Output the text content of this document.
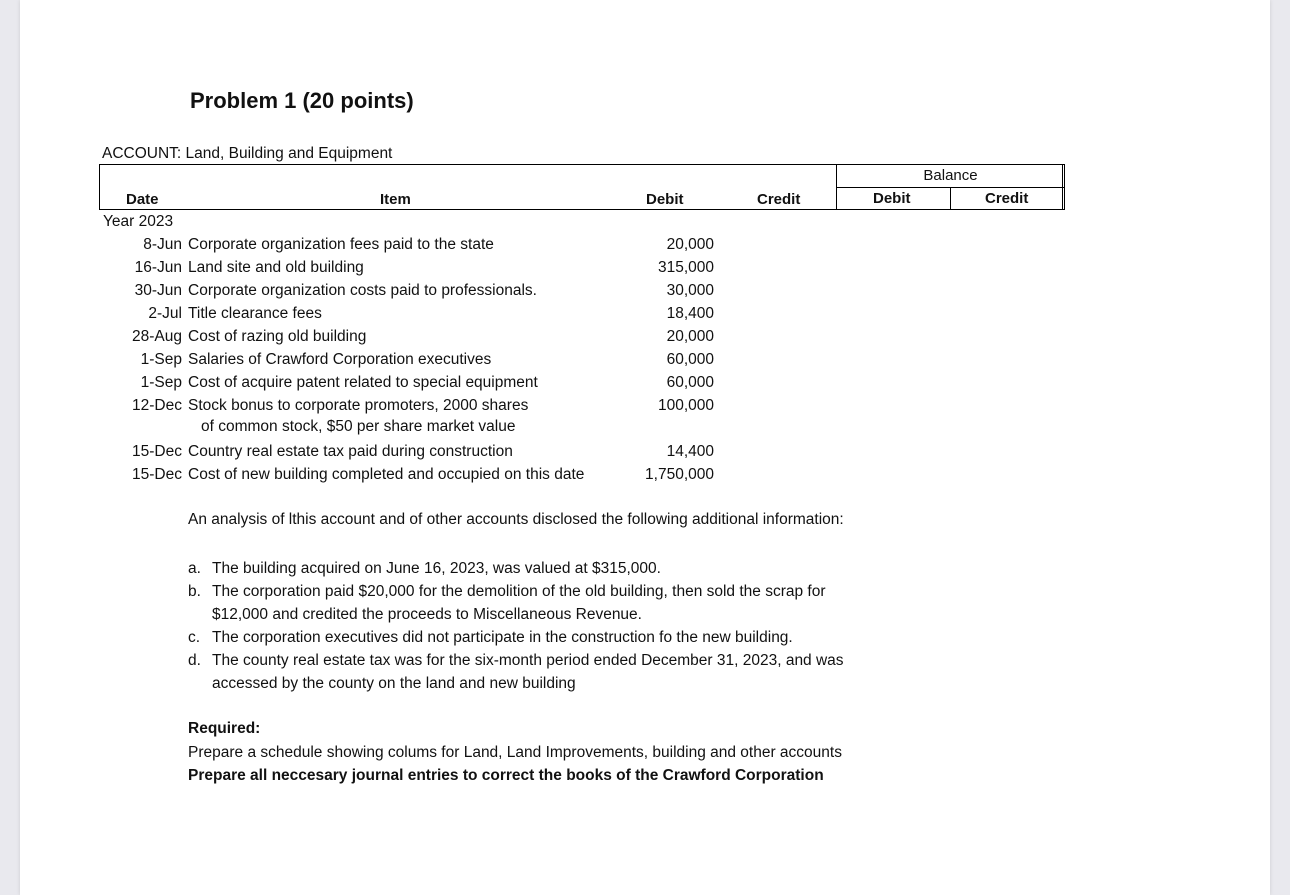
Problem 1 (20 points)
ACCOUNT: Land, Building and Equipment
Date	Item	Debit	Credit
Balance
Debit	Credit
Year 2023
8-Jun Corporate organization fees paid to the state	20,000
16-Jun Land site and old building	315,000
30-Jun Corporate organization costs paid to professionals.	30,000
2-Jul Title clearance fees	18,400
28-Aug Cost of razing old building	20,000
1-Sep Salaries of Crawford Corporation executives	60,000
1-Sep Cost of acquire patent related to special equipment	60,000
12-Dec Stock bonus to corporate promoters, 2000 shares	100,000
of common stock, $50 per share market value
15-Dec Country real estate tax paid during construction	14,400
15-Dec Cost of new building completed and occupied on this date	1,750,000

An analysis of lthis account and of other accounts disclosed the following additional information:

a. The building acquired on June 16, 2023, was valued at $315,000.
b. The corporation paid $20,000 for the demolition of the old building, then sold the scrap for $12,000 and credited the proceeds to Miscellaneous Revenue.
c. The corporation executives did not participate in the construction fo the new building.
d. The county real estate tax was for the six-month period ended December 31, 2023, and was accessed by the county on the land and new building
Required:
Prepare a schedule showing colums for Land, Land Improvements, building and other accounts
Prepare all neccesary journal entries to correct the books of the Crawford Corporation
